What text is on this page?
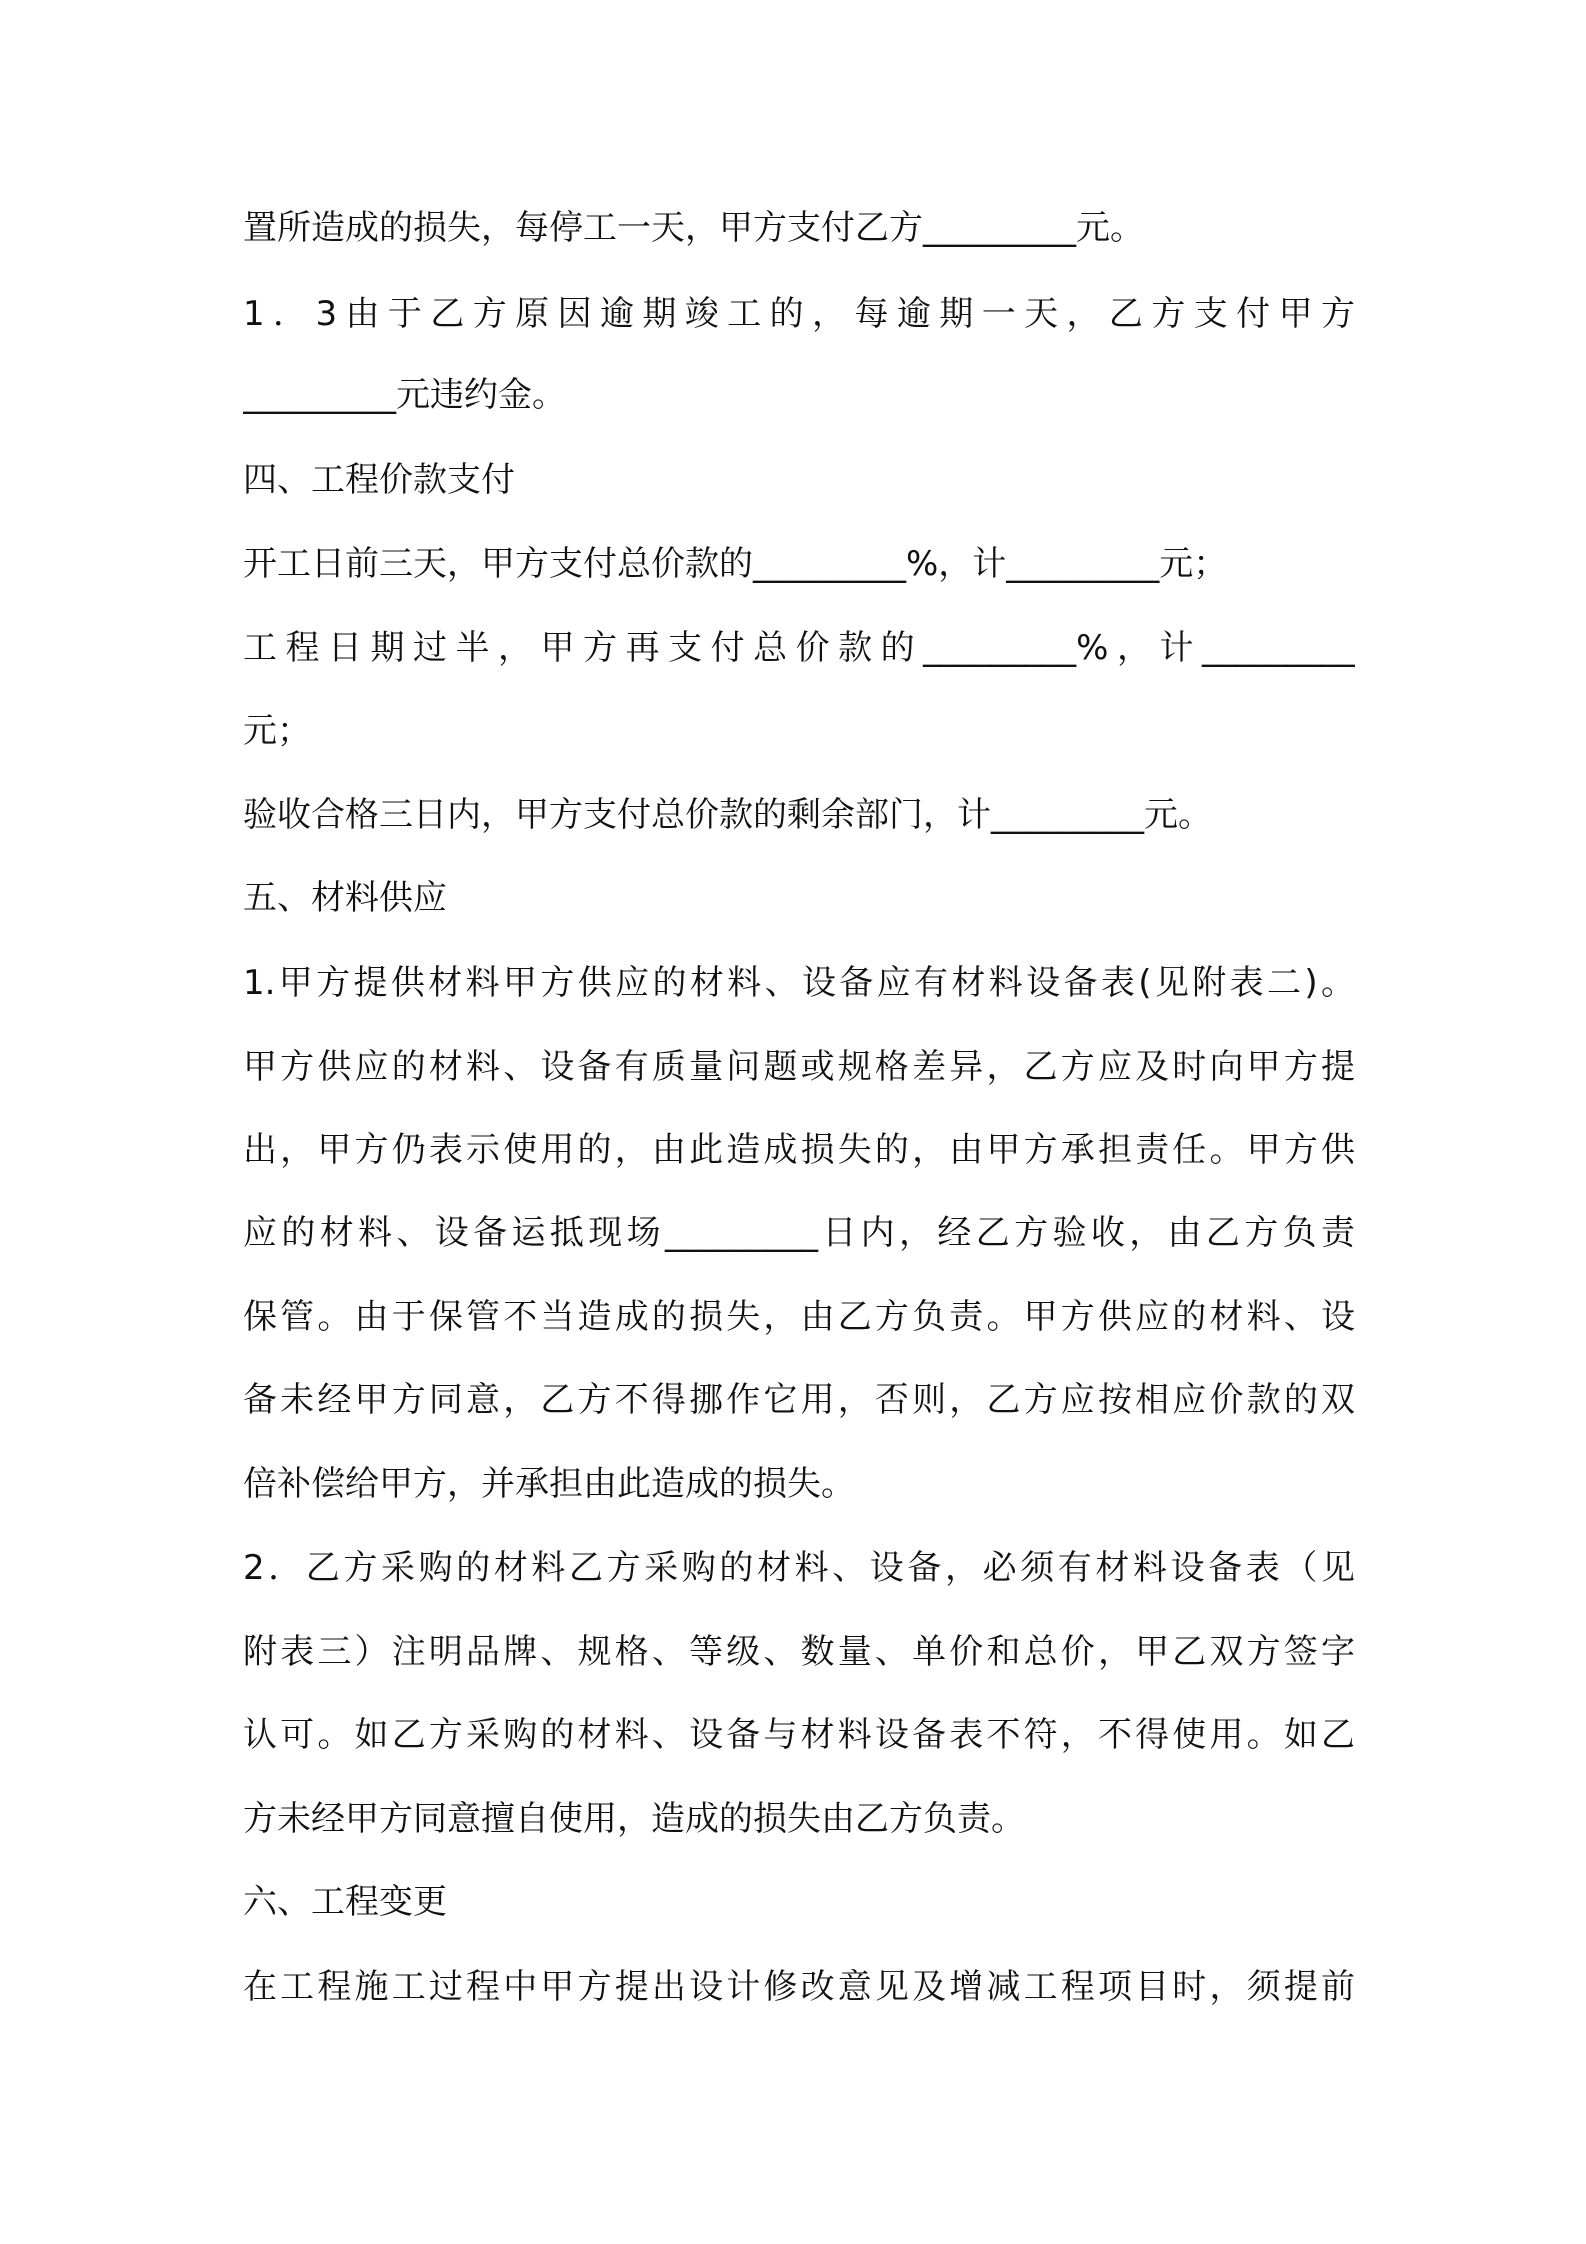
置所造成的损失，每停工一天，甲方支付乙方_________元。
1．3由于乙方原因逾期竣工的，每逾期一天，乙方支付甲方
_________元违约金。
四、工程价款支付
开工日前三天，甲方支付总价款的_________%，计_________元；
工程日期过半，甲方再支付总价款的_________%，计_________
元；
验收合格三日内，甲方支付总价款的剩余部门，计_________元。
五、材料供应
1.甲方提供材料甲方供应的材料、设备应有材料设备表(见附表二)。
甲方供应的材料、设备有质量问题或规格差异，乙方应及时向甲方提
出，甲方仍表示使用的，由此造成损失的，由甲方承担责任。甲方供
应的材料、设备运抵现场_________日内，经乙方验收，由乙方负责
保管。由于保管不当造成的损失，由乙方负责。甲方供应的材料、设
备未经甲方同意，乙方不得挪作它用，否则，乙方应按相应价款的双
倍补偿给甲方，并承担由此造成的损失。
2．乙方采购的材料乙方采购的材料、设备，必须有材料设备表（见
附表三）注明品牌、规格、等级、数量、单价和总价，甲乙双方签字
认可。如乙方采购的材料、设备与材料设备表不符，不得使用。如乙
方未经甲方同意擅自使用，造成的损失由乙方负责。
六、工程变更
在工程施工过程中甲方提出设计修改意见及增减工程项目时，须提前
